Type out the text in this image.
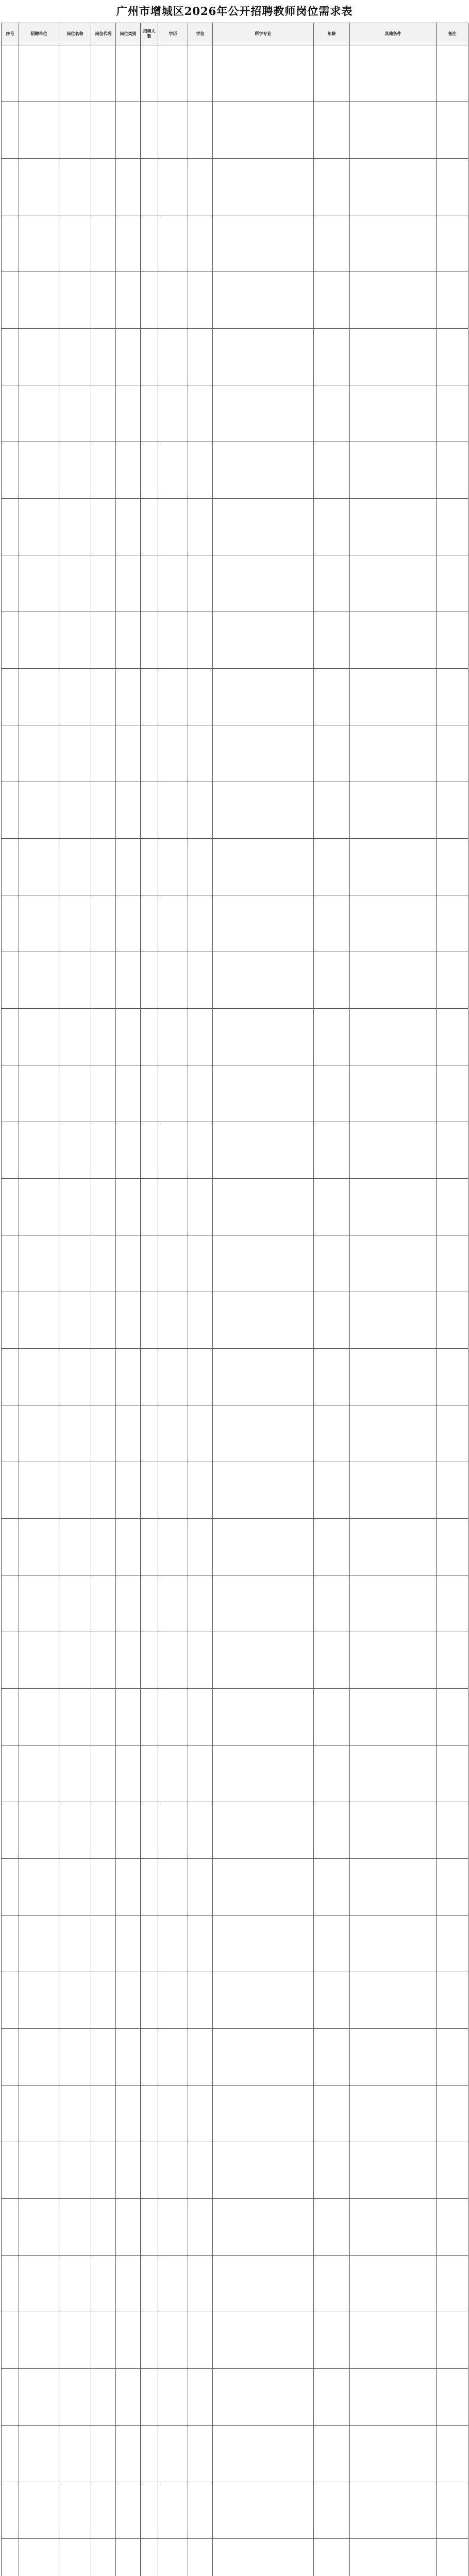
广州市增城区2026年公开招聘教师岗位需求表
序号	招聘单位	岗位名称	岗位代码	岗位类别	招聘人数	学历	学位	所学专业	年龄	其他条件	备注
